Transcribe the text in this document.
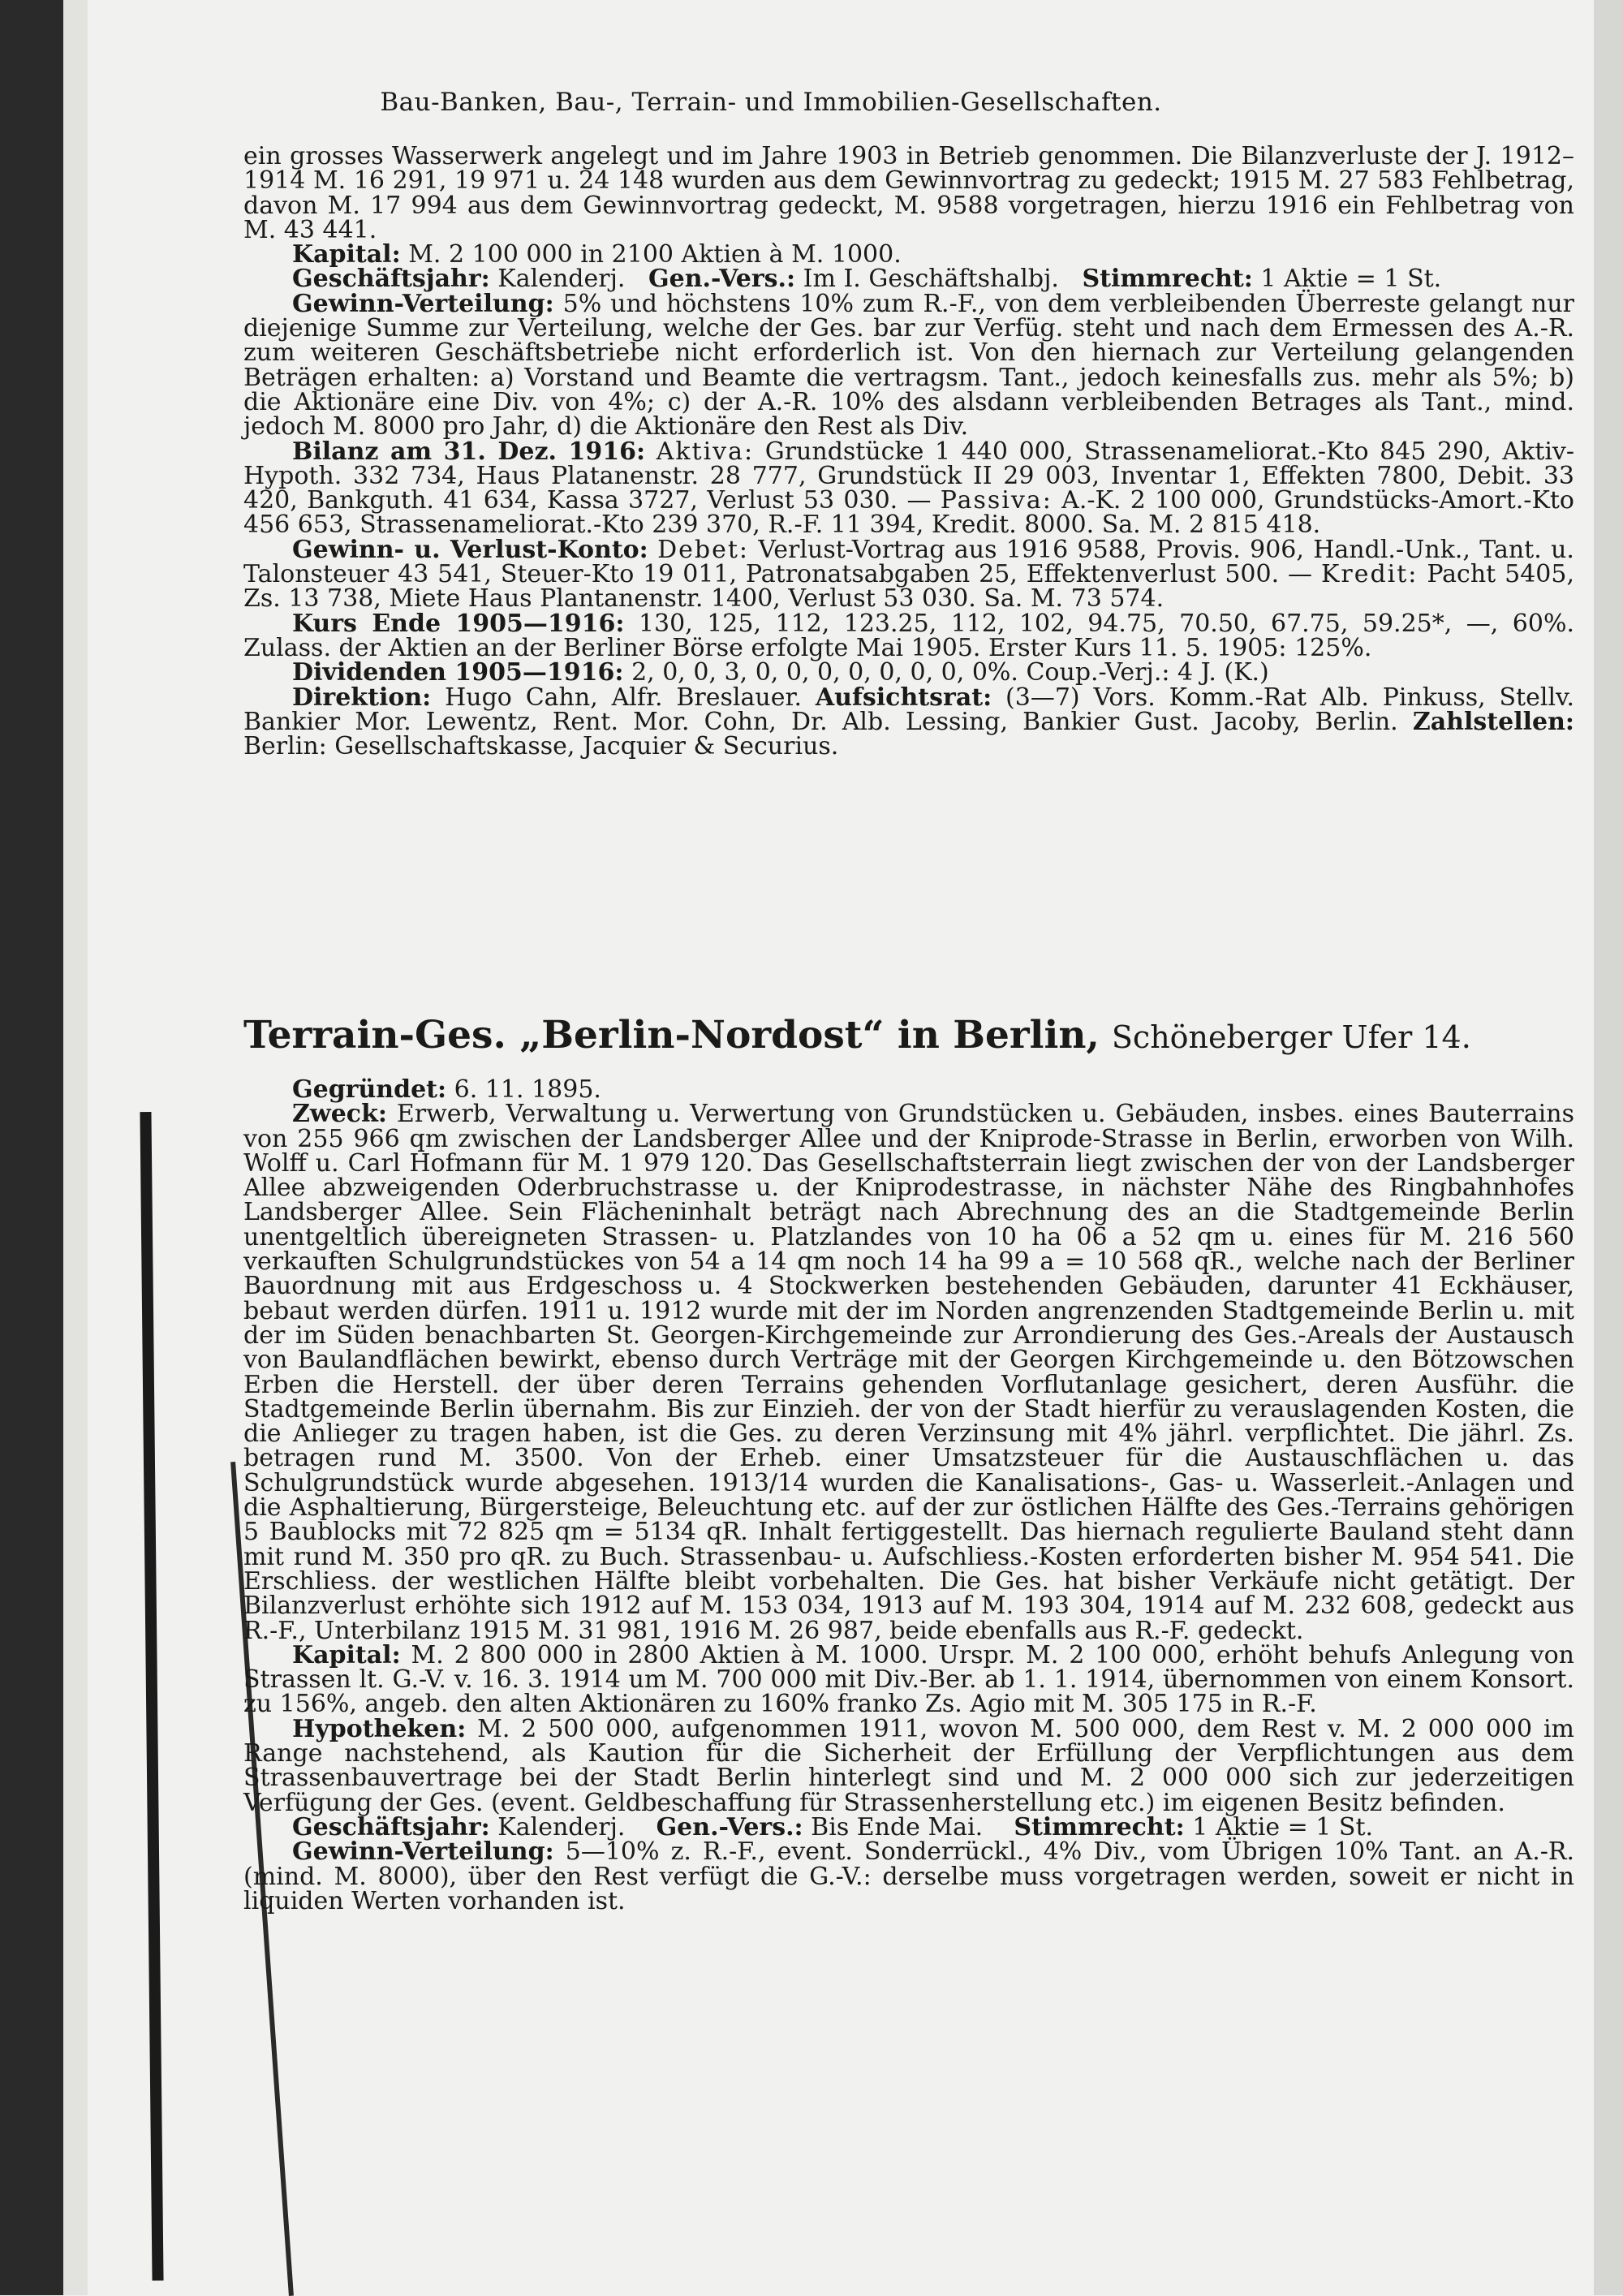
Bau-Banken, Bau-, Terrain- und Immobilien-Gesellschaften.

ein grosses Wasserwerk angelegt und im Jahre 1903 in Betrieb genommen. Die Bilanzverluste der J. 1912–1914 M. 16 291, 19 971 u. 24 148 wurden aus dem Gewinnvortrag zu gedeckt; 1915 M. 27 583 Fehlbetrag, davon M. 17 994 aus dem Gewinnvortrag gedeckt, M. 9588 vorgetragen, hierzu 1916 ein Fehlbetrag von M. 43 441.

Kapital: M. 2 100 000 in 2100 Aktien à M. 1000.

Geschäftsjahr: Kalenderj. Gen.-Vers.: Im I. Geschäftshalbj. Stimmrecht: 1 Aktie = 1 St.

Gewinn-Verteilung: 5% und höchstens 10% zum R.-F., von dem verbleibenden Überreste gelangt nur diejenige Summe zur Verteilung, welche der Ges. bar zur Verfüg. steht und nach dem Ermessen des A.-R. zum weiteren Geschäftsbetriebe nicht erforderlich ist. Von den hiernach zur Verteilung gelangenden Beträgen erhalten: a) Vorstand und Beamte die vertragsm. Tant., jedoch keinesfalls zus. mehr als 5%; b) die Aktionäre eine Div. von 4%; c) der A.-R. 10% des alsdann verbleibenden Betrages als Tant., mind. jedoch M. 8000 pro Jahr, d) die Aktionäre den Rest als Div.

Bilanz am 31. Dez. 1916: Aktiva: Grundstücke 1 440 000, Strassenameliorat.-Kto 845 290, Aktiv-Hypoth. 332 734, Haus Platanenstr. 28 777, Grundstück II 29 003, Inventar 1, Effekten 7800, Debit. 33 420, Bankguth. 41 634, Kassa 3727, Verlust 53 030. — Passiva: A.-K. 2 100 000, Grundstücks-Amort.-Kto 456 653, Strassenameliorat.-Kto 239 370, R.-F. 11 394, Kredit. 8000. Sa. M. 2 815 418.

Gewinn- u. Verlust-Konto: Debet: Verlust-Vortrag aus 1916 9588, Provis. 906, Handl.-Unk., Tant. u. Talonsteuer 43 541, Steuer-Kto 19 011, Patronatsabgaben 25, Effektenverlust 500. — Kredit: Pacht 5405, Zs. 13 738, Miete Haus Plantanenstr. 1400, Verlust 53 030. Sa. M. 73 574.

Kurs Ende 1905—1916: 130, 125, 112, 123.25, 112, 102, 94.75, 70.50, 67.75, 59.25*, —, 60%. Zulass. der Aktien an der Berliner Börse erfolgte Mai 1905. Erster Kurs 11. 5. 1905: 125%.

Dividenden 1905—1916: 2, 0, 0, 3, 0, 0, 0, 0, 0, 0, 0, 0%. Coup.-Verj.: 4 J. (K.)

Direktion: Hugo Cahn, Alfr. Breslauer. Aufsichtsrat: (3—7) Vors. Komm.-Rat Alb. Pinkuss, Stellv. Bankier Mor. Lewentz, Rent. Mor. Cohn, Dr. Alb. Lessing, Bankier Gust. Jacoby, Berlin. Zahlstellen: Berlin: Gesellschaftskasse, Jacquier & Securius.

Terrain-Ges. „Berlin-Nordost“ in Berlin, Schöneberger Ufer 14.

Gegründet: 6. 11. 1895.

Zweck: Erwerb, Verwaltung u. Verwertung von Grundstücken u. Gebäuden, insbes. eines Bauterrains von 255 966 qm zwischen der Landsberger Allee und der Kniprode-Strasse in Berlin, erworben von Wilh. Wolff u. Carl Hofmann für M. 1 979 120. Das Gesellschaftsterrain liegt zwischen der von der Landsberger Allee abzweigenden Oderbruchstrasse u. der Kniprodestrasse, in nächster Nähe des Ringbahnhofes Landsberger Allee. Sein Flächeninhalt beträgt nach Abrechnung des an die Stadtgemeinde Berlin unentgeltlich übereigneten Strassen- u. Platzlandes von 10 ha 06 a 52 qm u. eines für M. 216 560 verkauften Schulgrundstückes von 54 a 14 qm noch 14 ha 99 a = 10 568 qR., welche nach der Berliner Bauordnung mit aus Erdgeschoss u. 4 Stockwerken bestehenden Gebäuden, darunter 41 Eckhäuser, bebaut werden dürfen. 1911 u. 1912 wurde mit der im Norden angrenzenden Stadtgemeinde Berlin u. mit der im Süden benachbarten St. Georgen-Kirchgemeinde zur Arrondierung des Ges.-Areals der Austausch von Baulandflächen bewirkt, ebenso durch Verträge mit der Georgen Kirchgemeinde u. den Bötzowschen Erben die Herstell. der über deren Terrains gehenden Vorflutanlage gesichert, deren Ausführ. die Stadtgemeinde Berlin übernahm. Bis zur Einzieh. der von der Stadt hierfür zu verauslagenden Kosten, die die Anlieger zu tragen haben, ist die Ges. zu deren Verzinsung mit 4% jährl. verpflichtet. Die jährl. Zs. betragen rund M. 3500. Von der Erheb. einer Umsatzsteuer für die Austauschflächen u. das Schulgrundstück wurde abgesehen. 1913/14 wurden die Kanalisations-, Gas- u. Wasserleit.-Anlagen und die Asphaltierung, Bürgersteige, Beleuchtung etc. auf der zur östlichen Hälfte des Ges.-Terrains gehörigen 5 Baublocks mit 72 825 qm = 5134 qR. Inhalt fertiggestellt. Das hiernach regulierte Bauland steht dann mit rund M. 350 pro qR. zu Buch. Strassenbau- u. Aufschliess.-Kosten erforderten bisher M. 954 541. Die Erschliess. der westlichen Hälfte bleibt vorbehalten. Die Ges. hat bisher Verkäufe nicht getätigt. Der Bilanzverlust erhöhte sich 1912 auf M. 153 034, 1913 auf M. 193 304, 1914 auf M. 232 608, gedeckt aus R.-F., Unterbilanz 1915 M. 31 981, 1916 M. 26 987, beide ebenfalls aus R.-F. gedeckt.

Kapital: M. 2 800 000 in 2800 Aktien à M. 1000. Urspr. M. 2 100 000, erhöht behufs Anlegung von Strassen lt. G.-V. v. 16. 3. 1914 um M. 700 000 mit Div.-Ber. ab 1. 1. 1914, übernommen von einem Konsort. zu 156%, angeb. den alten Aktionären zu 160% franko Zs. Agio mit M. 305 175 in R.-F.

Hypotheken: M. 2 500 000, aufgenommen 1911, wovon M. 500 000, dem Rest v. M. 2 000 000 im Range nachstehend, als Kaution für die Sicherheit der Erfüllung der Verpflichtungen aus dem Strassenbauvertrage bei der Stadt Berlin hinterlegt sind und M. 2 000 000 sich zur jederzeitigen Verfügung der Ges. (event. Geldbeschaffung für Strassenherstellung etc.) im eigenen Besitz befinden.

Geschäftsjahr: Kalenderj. Gen.-Vers.: Bis Ende Mai. Stimmrecht: 1 Aktie = 1 St.

Gewinn-Verteilung: 5—10% z. R.-F., event. Sonderrückl., 4% Div., vom Übrigen 10% Tant. an A.-R. (mind. M. 8000), über den Rest verfügt die G.-V.: derselbe muss vorgetragen werden, soweit er nicht in liquiden Werten vorhanden ist.
